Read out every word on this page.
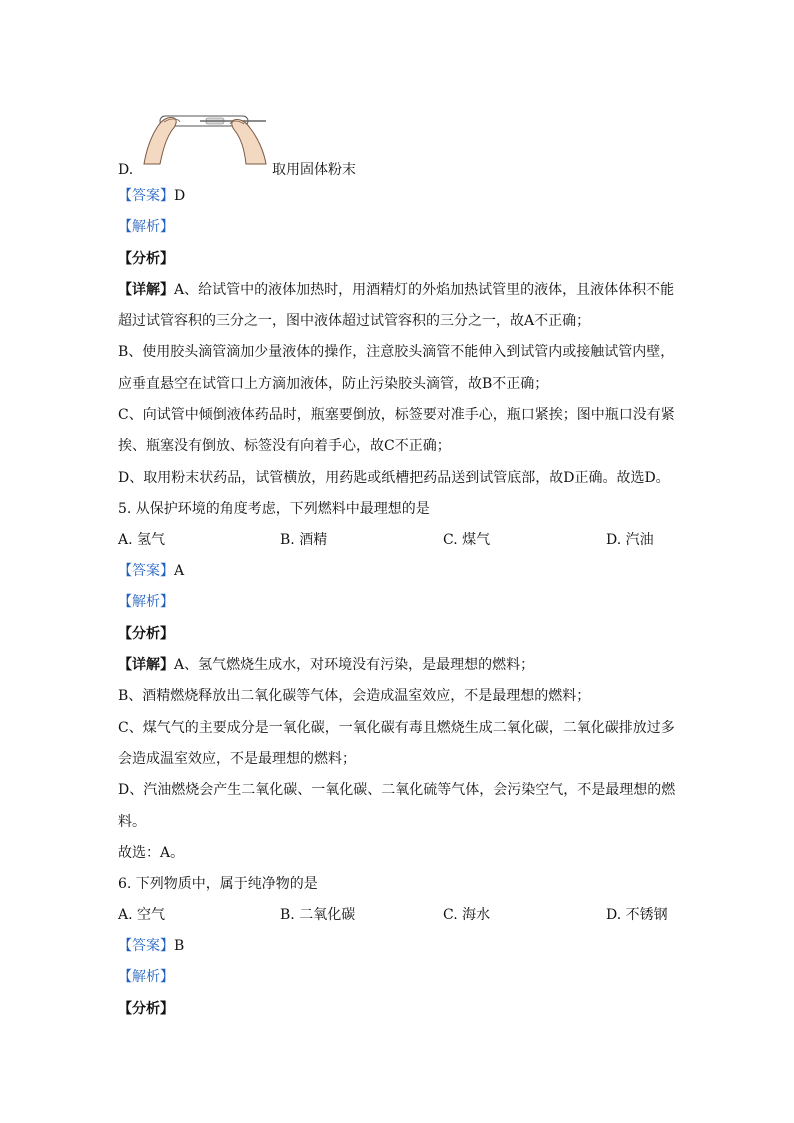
D.	取用固体粉末
【答案】D
【解析】
【分析】
【详解】A、给试管中的液体加热时，用酒精灯的外焰加热试管里的液体，且液体体积不能
超过试管容积的三分之一，图中液体超过试管容积的三分之一，故A不正确；
B、使用胶头滴管滴加少量液体的操作，注意胶头滴管不能伸入到试管内或接触试管内壁，
应垂直悬空在试管口上方滴加液体，防止污染胶头滴管，故B不正确；
C、向试管中倾倒液体药品时，瓶塞要倒放，标签要对准手心，瓶口紧挨；图中瓶口没有紧
挨、瓶塞没有倒放、标签没有向着手心，故C不正确；
D、取用粉末状药品，试管横放，用药匙或纸槽把药品送到试管底部，故D正确。故选D。
5. 从保护环境的角度考虑，下列燃料中最理想的是
A. 氢气	B. 酒精	C. 煤气	D. 汽油
【答案】A
【解析】
【分析】
【详解】A、氢气燃烧生成水，对环境没有污染，是最理想的燃料；
B、酒精燃烧释放出二氧化碳等气体，会造成温室效应，不是最理想的燃料；
C、煤气气的主要成分是一氧化碳，一氧化碳有毒且燃烧生成二氧化碳，二氧化碳排放过多
会造成温室效应，不是最理想的燃料；
D、汽油燃烧会产生二氧化碳、一氧化碳、二氧化硫等气体，会污染空气，不是最理想的燃
料。
故选：A。
6. 下列物质中，属于纯净物的是
A. 空气	B. 二氧化碳	C. 海水	D. 不锈钢
【答案】B
【解析】
【分析】
